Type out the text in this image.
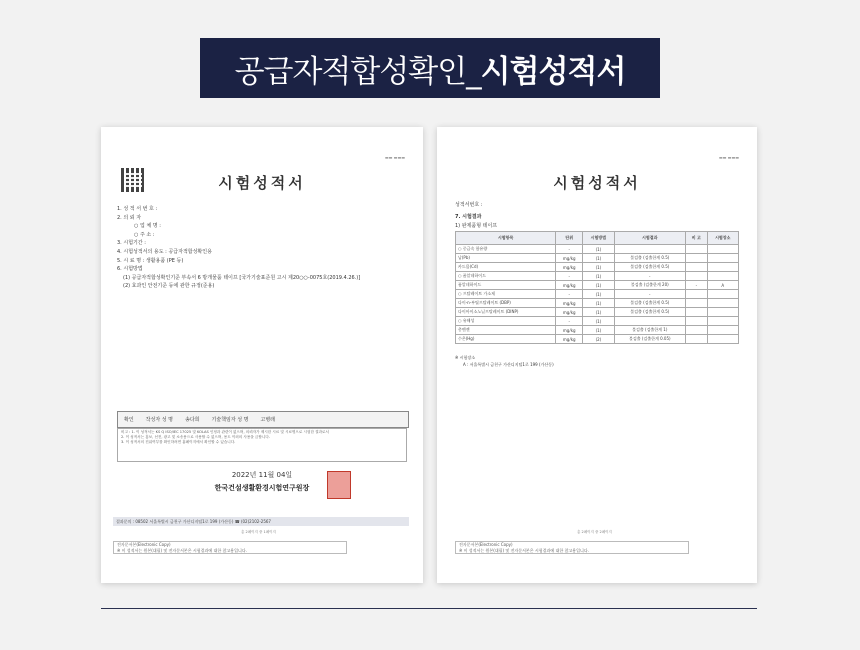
공급자적합성확인_ 시험성적서
▬▬ ▬▬▬
시험성적서
1. 성 적 서 번 호 :
2. 의 뢰 자
○ 업 체 명 :
○ 주 소 :
3. 시험기간 :
4. 시험성적서의 용도 : 공급자적합성확인용
5. 시 료 명 : 생활용품 (PE 등)
6. 시험방법
(1) 공급자적합성확인기준 부속서 6 방개물품 테이프 [국가기술표준원 고시 제20○○-0075호(2019.4.26.)]
(2) 효과인 안전기준 등에 관한 규정(준용)
확인	작성자 성 명	송다희	기술책임자 성 명	고병래
비고 : 1. 이 성적서는 KS Q ISO/IEC 17025 및 KOLAS 인정과 관련이 없으며, 의뢰자가 제시한 시료 및 시료명으로 시험한 결과로서
2. 이 성적서는 홍보, 선전, 광고 및 소송용으로 사용할 수 없으며, 용도 이외의 사용을 금합니다.
3. 이 성적서의 진위여부를 확인하려면 홈페이지에서 확인할 수 있습니다.
2022년 11월 04일
한국건설생활환경시험연구원장
결과문의 : 08502 서울특별시 금천구 가산디지털1로 199 (가산동) ☎ (02)2102-2567
총 2페이지 중 1페이지
전자문서본(Electronic Copy)
※ 이 성적서는 원본(대필) 및 전자문서본은 시험결과에 대한 참고용입니다.
▬▬ ▬▬▬
시험성적서
성적서번호 :
7. 시험결과
1) 완제품형 테이프
시험항목	단위	시험방법	시험결과	비 고	시험장소
○ 중금속 함유량	-	(1)			
납(Pb)	mg/kg	(1)	불검출 (검출한계 0.5)		
카드뮴(Cd)	mg/kg	(1)	불검출 (검출한계 0.5)		
○ 폼알데하이드	-	(1)	-		
폼알데하이드	mg/kg	(1)	불검출 (검출한계 20)	-	A
○ 프탈레이트 가소제	-	(1)	-		
다이-n-부틸프탈레이트 (DBP)	mg/kg	(1)	불검출 (검출한계 0.5)		
다이아이소노닐프탈레이트 (DINP)	mg/kg	(1)	불검출 (검출한계 0.5)		
○ 유해성	-	(1)			
총벤젠	mg/kg	(1)	불검출 (검출한계 1)		
수은(Hg)	mg/kg	(2)	불검출 (검출한계 0.05)		
※ 시험장소
A : 서울특별시 금천구 가산디지털1로 199 (가산동)
총 2페이지 중 2페이지
전자문서본(Electronic Copy)
※ 이 성적서는 원본(대필) 및 전자문서본은 시험결과에 대한 참고용입니다.
